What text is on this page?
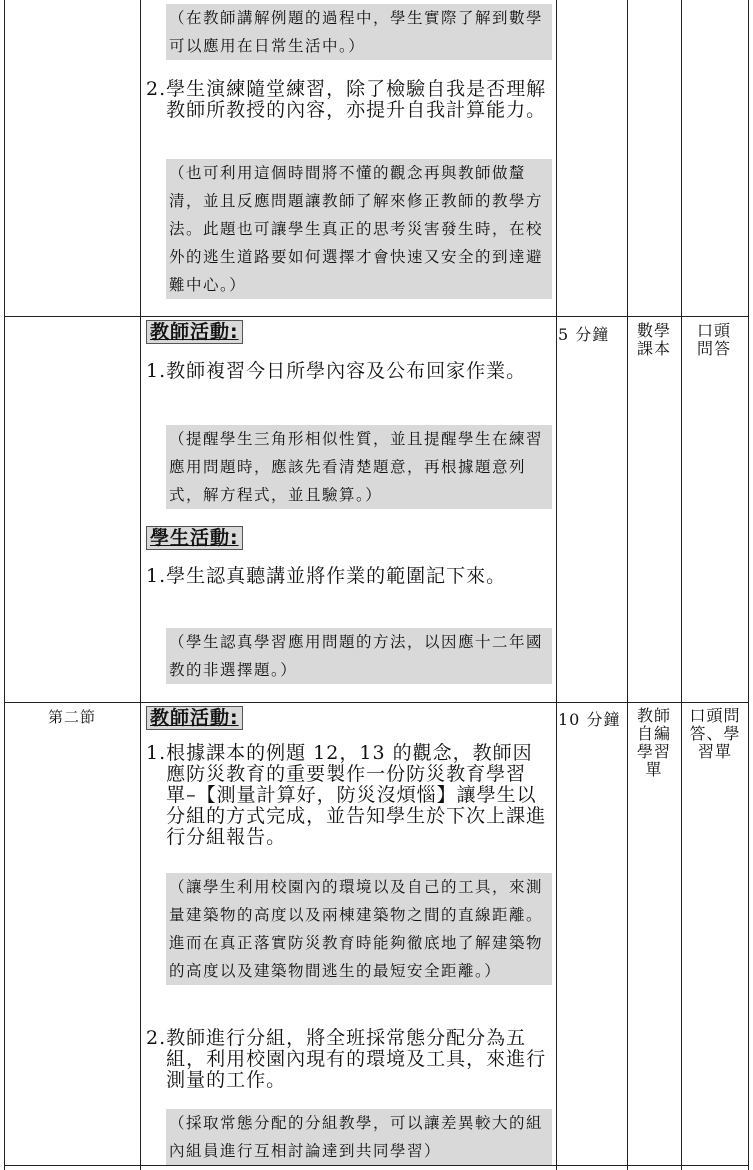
（在教師講解例題的過程中，學生實際了解到數學可以應用在日常生活中。）
2. 學生演練隨堂練習，除了檢驗自我是否理解教師所教授的內容，亦提升自我計算能力。
（也可利用這個時間將不懂的觀念再與教師做釐清，並且反應問題讓教師了解來修正教師的教學方法。此題也可讓學生真正的思考災害發生時，在校外的逃生道路要如何選擇才會快速又安全的到達避難中心。）
教師活動:
1. 教師複習今日所學內容及公布回家作業。
（提醒學生三角形相似性質，並且提醒學生在練習應用問題時，應該先看清楚題意，再根據題意列式，解方程式，並且驗算。）
學生活動:
1. 學生認真聽講並將作業的範圍記下來。
（學生認真學習應用問題的方法，以因應十二年國教的非選擇題。）
5 分鐘 數學課本
口頭問答
第二節	教師活動:
1. 根據課本的例題 12，13 的觀念，教師因應防災教育的重要製作一份防災教育學習單–【測量計算好，防災沒煩惱】讓學生以分組的方式完成，並告知學生於下次上課進行分組報告。
（讓學生利用校園內的環境以及自己的工具，來測量建築物的高度以及兩棟建築物之間的直線距離。進而在真正落實防災教育時能夠徹底地了解建築物的高度以及建築物間逃生的最短安全距離。）
2. 教師進行分組，將全班採常態分配分為五組，利用校園內現有的環境及工具，來進行測量的工作。
（採取常態分配的分組教學，可以讓差異較大的組內組員進行互相討論達到共同學習）
10 分鐘 教師自編學習單
口頭問答、學習單
